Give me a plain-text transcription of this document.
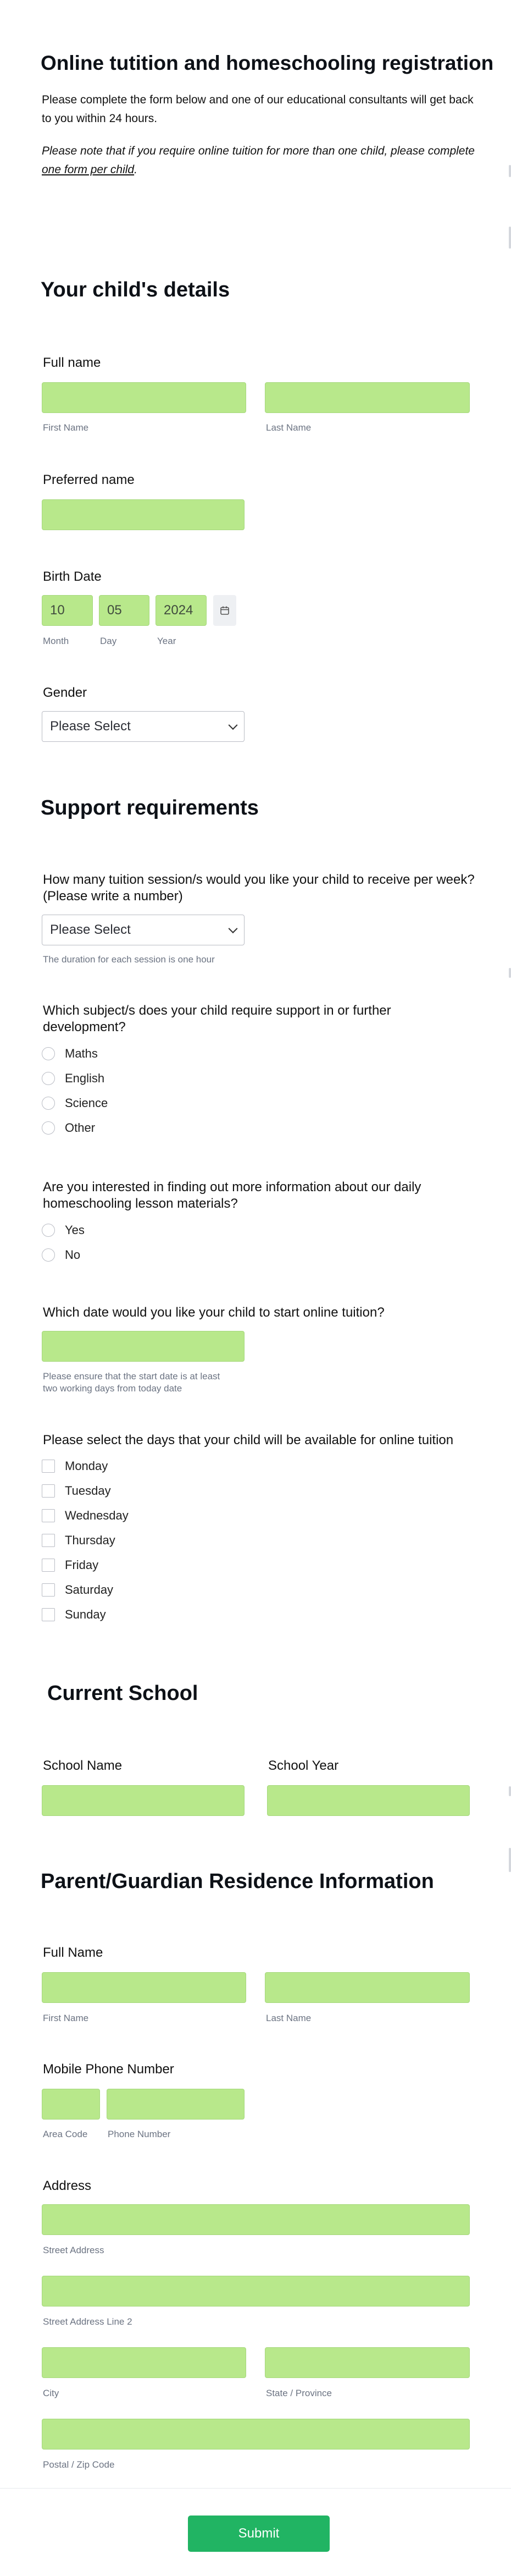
Online tutition and homeschooling registration
Please complete the form below and one of our educational consultants will get back to you within 24 hours.
Please note that if you require online tuition for more than one child, please complete one form per child.
Your child's details
Full name
First Name	Last Name
Preferred name
Birth Date
10	05	2024
Month	Day	Year
Gender
Please Select
Support requirements
How many tuition session/s would you like your child to receive per week? (Please write a number)
Please Select
The duration for each session is one hour
Which subject/s does your child require support in or further development?
Maths
English
Science
Other
Are you interested in finding out more information about our daily homeschooling lesson materials?
Yes
No
Which date would you like your child to start online tuition?
Please ensure that the start date is at least
two working days from today date
Please select the days that your child will be available for online tuition
Monday
Tuesday
Wednesday
Thursday
Friday
Saturday
Sunday
Current School
School Name	School Year
Parent/Guardian Residence Information
Full Name
First Name	Last Name
Mobile Phone Number
Area Code Phone Number
Address
Street Address
Street Address Line 2
City	State / Province
Postal / Zip Code
Submit
